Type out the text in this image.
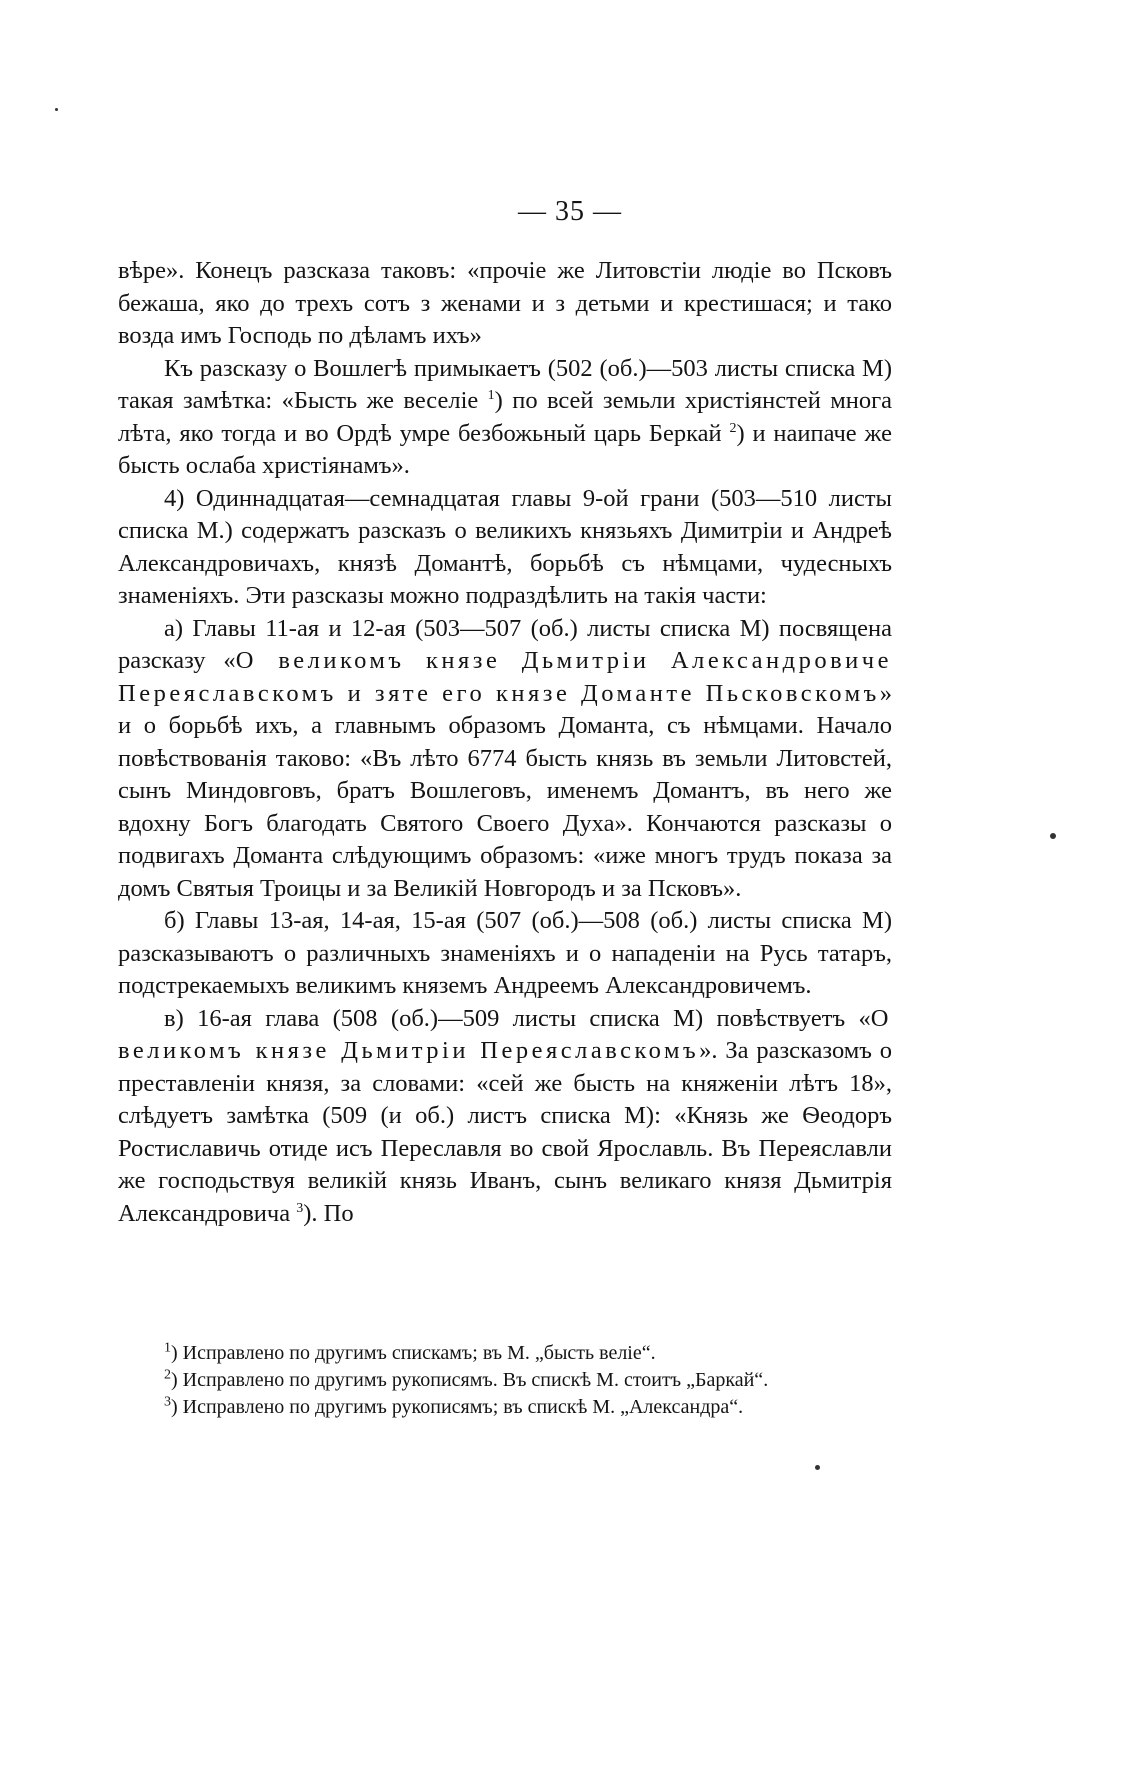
— 35 —

вѣре». Конецъ разсказа таковъ: «прочіе же Литовстіи людіе во Псковъ бежаша, яко до трехъ сотъ з женами и з детьми и крестишася; и тако возда имъ Господь по дѣламъ ихъ»

Къ разсказу о Вошлегѣ примыкаетъ (502 (об.)—503 листы списка М) такая замѣтка: «Бысть же веселіе $^1$) по всей земьли христіянстей многа лѣта, яко тогда и во Ордѣ умре безбожьный царь Беркай $^2$) и наипаче же бысть ослаба христіянамъ».

4) Одиннадцатая—семнадцатая главы 9-ой грани (503—510 листы списка М.) содержатъ разсказъ о великихъ князьяхъ Димитріи и Андреѣ Александровичахъ, князѣ Домантѣ, борьбѣ съ нѣмцами, чудесныхъ знаменіяхъ. Эти разсказы можно подраздѣлить на такія части:

а) Главы 11-ая и 12-ая (503—507 (об.) листы списка М) посвящена разсказу «О великомъ князе Дьмитріи Александровиче Переяславскомъ и зяте его князе Доманте Пьсковскомъ» и о борьбѣ ихъ, а главнымъ образомъ Доманта, съ нѣмцами. Начало повѣствованія таково: «Въ лѣто 6774 бысть князь въ земьли Литовстей, сынъ Миндовговъ, братъ Вошлеговъ, именемъ Домантъ, въ него же вдохну Богъ благодать Святого Своего Духа». Кончаются разсказы о подвигахъ Доманта слѣдующимъ образомъ: «иже многъ трудъ показа за домъ Святыя Троицы и за Великій Новгородъ и за Псковъ».

б) Главы 13-ая, 14-ая, 15-ая (507 (об.)—508 (об.) листы списка М) разсказываютъ о различныхъ знаменіяхъ и о нападеніи на Русь татаръ, подстрекаемыхъ великимъ княземъ Андреемъ Александровичемъ.

в) 16-ая глава (508 (об.)—509 листы списка М) повѣствуетъ «О великомъ князе Дьмитріи Переяславскомъ». За разсказомъ о преставленіи князя, за словами: «сей же бысть на княженіи лѣтъ 18», слѣдуетъ замѣтка (509 (и об.) листъ списка М): «Князь же Ѳеодоръ Ростиславичь отиде исъ Переславля во свой Ярославль. Въ Переяславли же господьствуя великій князь Иванъ, сынъ великаго князя Дьмитрія Александровича $^3$). По

$^1$) Исправлено по другимъ спискамъ; въ М. „бысть веліе“.

$^2$) Исправлено по другимъ рукописямъ. Въ спискѣ М. стоитъ „Баркай“.

$^3$) Исправлено по другимъ рукописямъ; въ спискѣ М. „Александра“.
